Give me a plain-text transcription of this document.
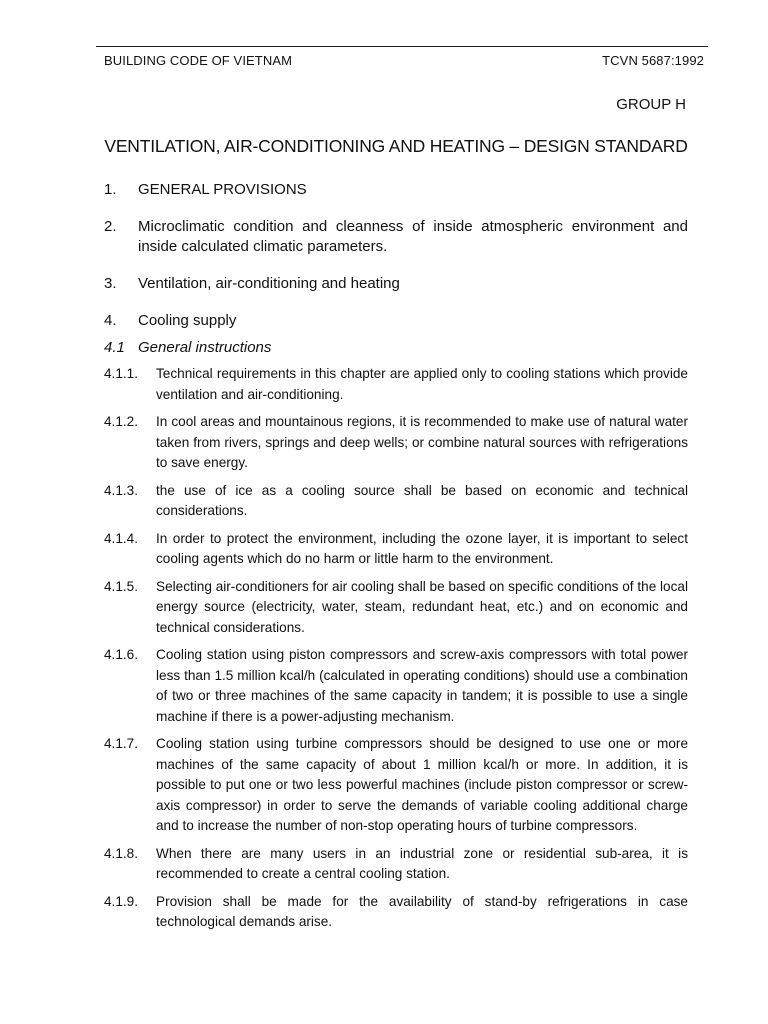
BUILDING CODE OF VIETNAM	TCVN 5687:1992
GROUP H
VENTILATION, AIR-CONDITIONING AND HEATING – DESIGN STANDARD
1.	GENERAL PROVISIONS
2.	Microclimatic condition and cleanness of inside atmospheric environment and inside calculated climatic parameters.
3.	Ventilation, air-conditioning and heating
4.	Cooling supply
4.1 General instructions
4.1.1.	Technical requirements in this chapter are applied only to cooling stations which provide ventilation and air-conditioning.
4.1.2.	In cool areas and mountainous regions, it is recommended to make use of natural water taken from rivers, springs and deep wells; or combine natural sources with refrigerations to save energy.
4.1.3.	the use of ice as a cooling source shall be based on economic and technical considerations.
4.1.4.	In order to protect the environment, including the ozone layer, it is important to select cooling agents which do no harm or little harm to the environment.
4.1.5.	Selecting air-conditioners for air cooling shall be based on specific conditions of the local energy source (electricity, water, steam, redundant heat, etc.) and on economic and technical considerations.
4.1.6.	Cooling station using piston compressors and screw-axis compressors with total power less than 1.5 million kcal/h (calculated in operating conditions) should use a combination of two or three machines of the same capacity in tandem; it is possible to use a single machine if there is a power-adjusting mechanism.
4.1.7.	Cooling station using turbine compressors should be designed to use one or more machines of the same capacity of about 1 million kcal/h or more. In addition, it is possible to put one or two less powerful machines (include piston compressor or screw-axis compressor) in order to serve the demands of variable cooling additional charge and to increase the number of non-stop operating hours of turbine compressors.
4.1.8.	When there are many users in an industrial zone or residential sub-area, it is recommended to create a central cooling station.
4.1.9.	Provision shall be made for the availability of stand-by refrigerations in case technological demands arise.
